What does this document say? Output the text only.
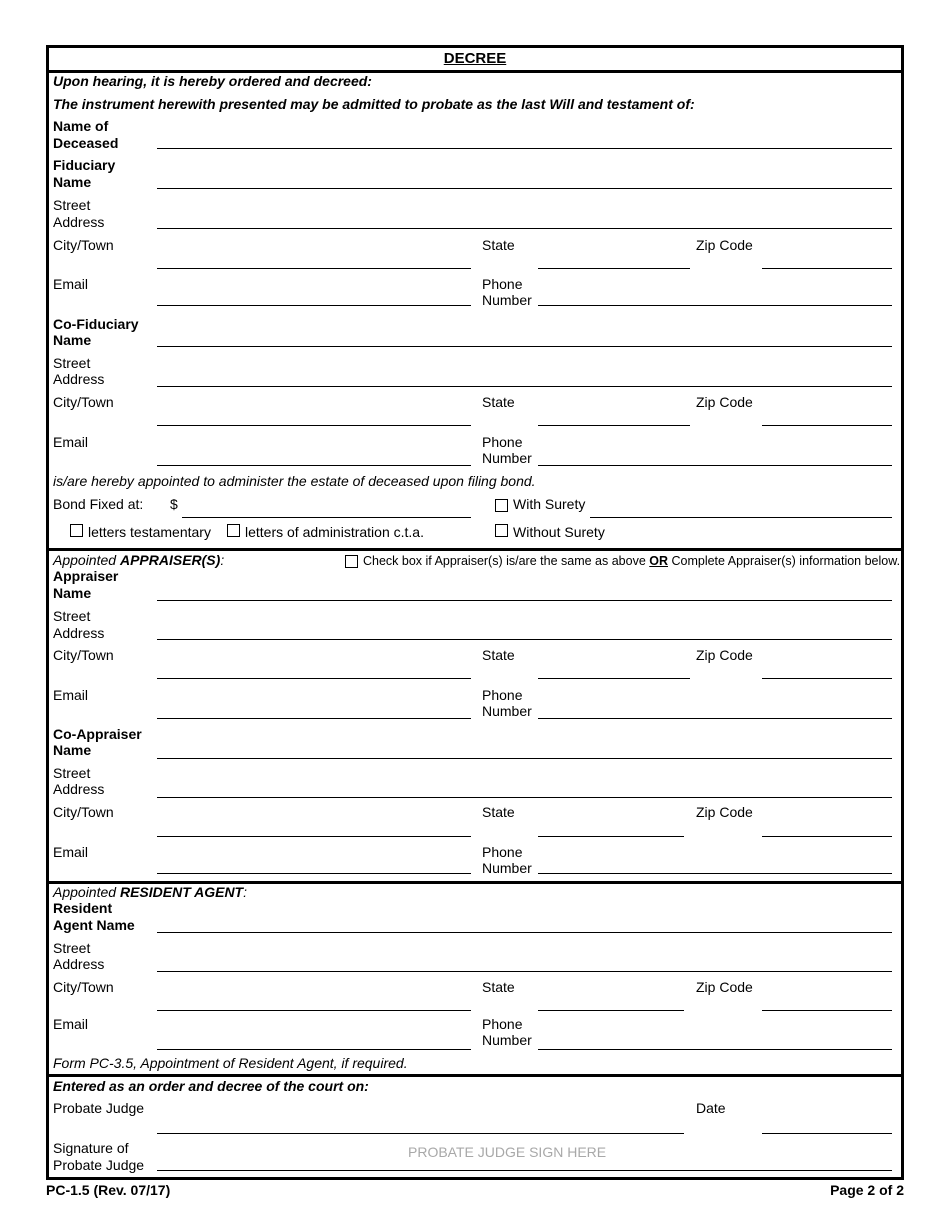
DECREE
Upon hearing, it is hereby ordered and decreed:
The instrument herewith presented may be admitted to probate as the last Will and testament of:
Name of
Deceased
Fiduciary
Name
Street
Address
City/Town	State	Zip Code
Email	Phone
Number
Co-Fiduciary
Name
Street
Address
City/Town	State	Zip Code
Email	Phone
Number
is/are hereby appointed to administer the estate of deceased upon filing bond.
Bond Fixed at: $	With Surety
letters testamentary letters of administration c.t.a.	Without Surety
Appointed APPRAISER(S):	Check box if Appraiser(s) is/are the same as above OR Complete Appraiser(s) information below.
Appraiser
Name
Street
Address
City/Town	State	Zip Code
Email	Phone
Number
Co-Appraiser
Name
Street
Address
City/Town	State	Zip Code
Email	Phone
Number
Appointed RESIDENT AGENT:
Resident
Agent Name
Street
Address
City/Town	State	Zip Code
Email	Phone
Number
Form PC-3.5, Appointment of Resident Agent, if required.
Entered as an order and decree of the court on:
Probate Judge	Date
Signature of
Probate Judge
PROBATE JUDGE SIGN HERE
PC-1.5 (Rev. 07/17)	Page 2 of 2
